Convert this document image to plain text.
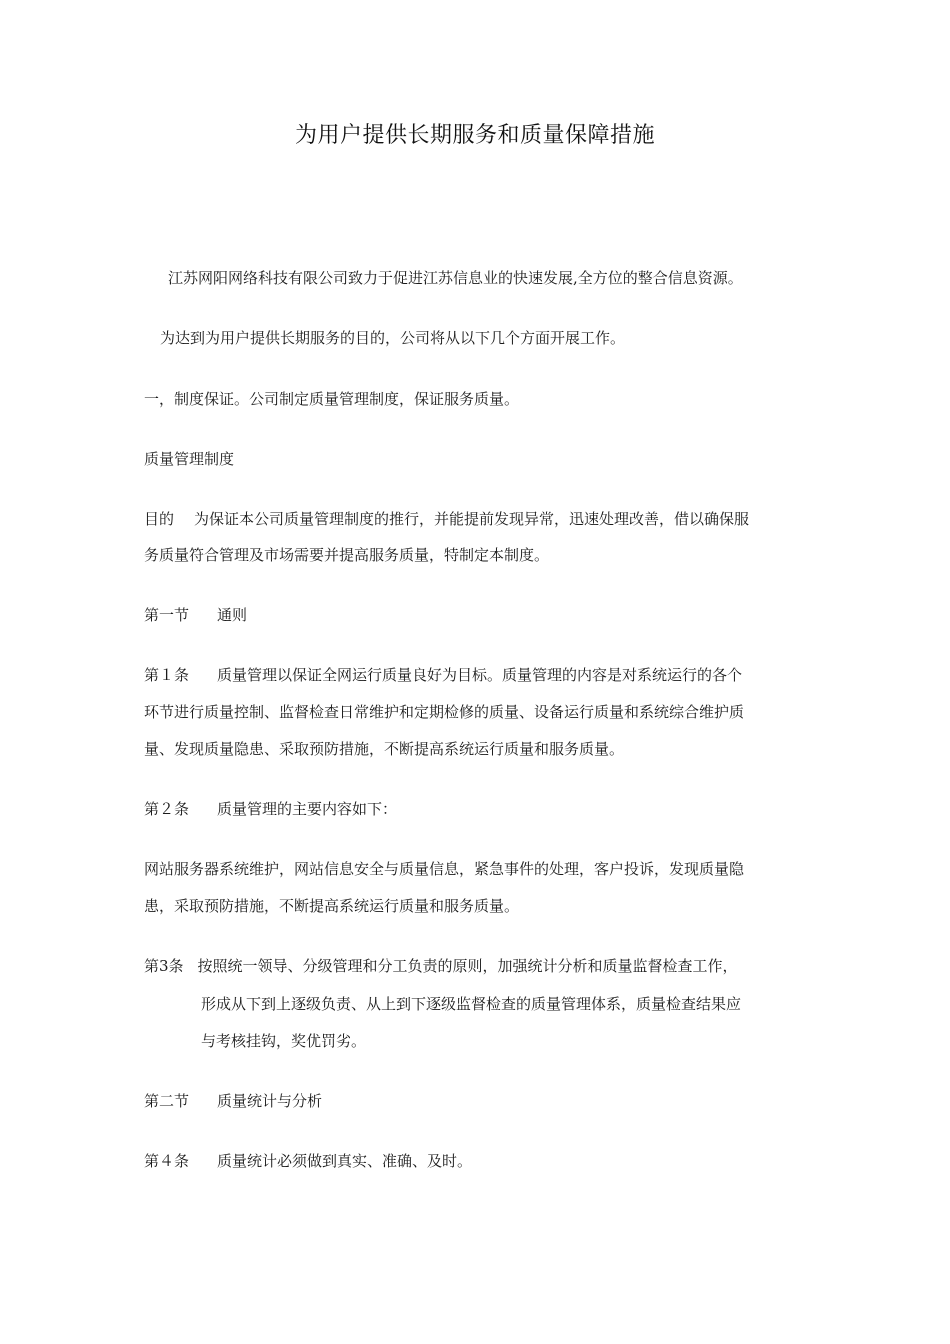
为用户提供长期服务和质量保障措施
江苏网阳网络科技有限公司致力于促进江苏信息业的快速发展,全方位的整合信息资源。
为达到为用户提供长期服务的目的，公司将从以下几个方面开展工作。
一，制度保证。公司制定质量管理制度，保证服务质量。
质量管理制度
目的 为保证本公司质量管理制度的推行，并能提前发现异常，迅速处理改善，借以确保服
务质量符合管理及市场需要并提高服务质量，特制定本制度。
第一节 通则
第１条 质量管理以保证全网运行质量良好为目标。质量管理的内容是对系统运行的各个
环节进行质量控制、监督检查日常维护和定期检修的质量、设备运行质量和系统综合维护质
量、发现质量隐患、采取预防措施，不断提高系统运行质量和服务质量。
第２条 质量管理的主要内容如下：
网站服务器系统维护，网站信息安全与质量信息，紧急事件的处理，客户投诉，发现质量隐
患，采取预防措施，不断提高系统运行质量和服务质量。
第3条 按照统一领导、分级管理和分工负责的原则，加强统计分析和质量监督检查工作，
形成从下到上逐级负责、从上到下逐级监督检查的质量管理体系，质量检查结果应
与考核挂钩，奖优罚劣。
第二节 质量统计与分析
第４条 质量统计必须做到真实、准确、及时。
